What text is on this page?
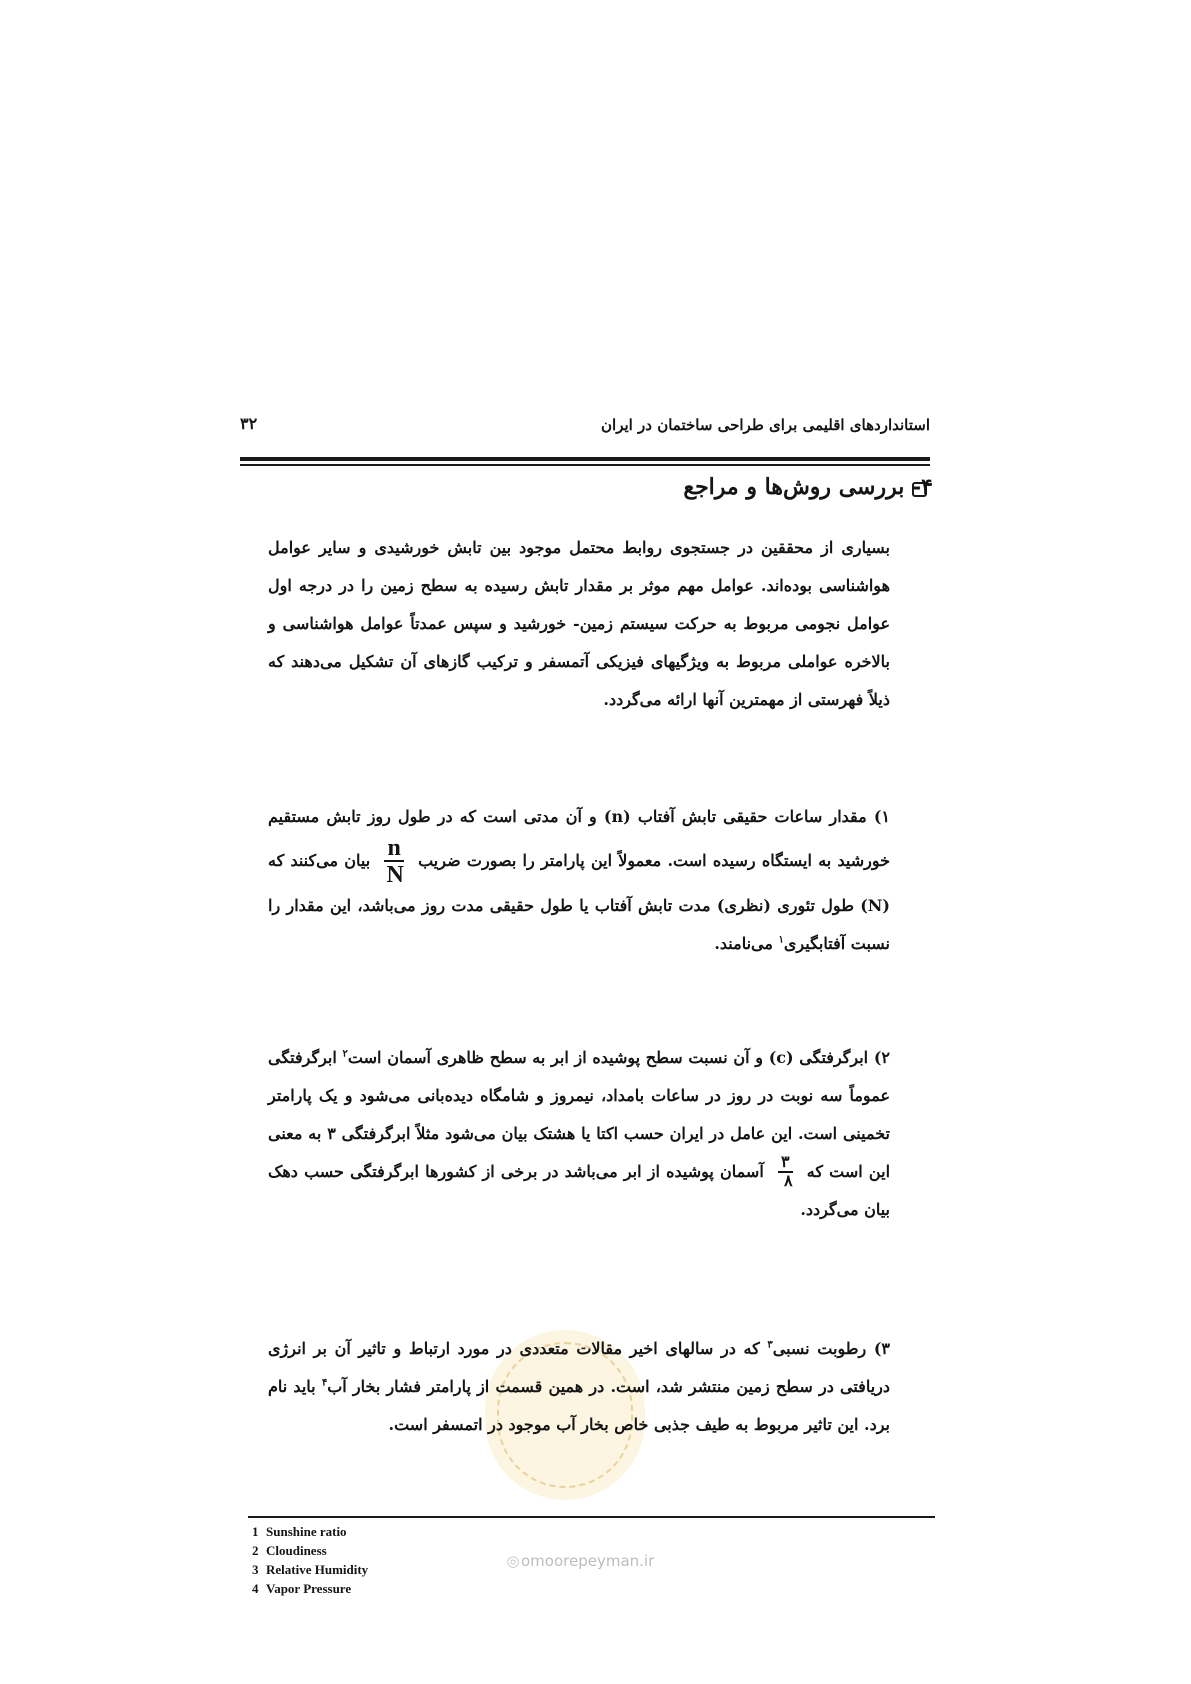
استانداردهای اقلیمی برای طراحی ساختمان در ایران
۳۲
۴- بررسی روش‌ها و مراجع
بسیاری از محققین در جستجوی روابط محتمل موجود بین تابش خورشیدی و سایر عوامل هواشناسی بوده‌اند. عوامل مهم موثر بر مقدار تابش رسیده به سطح زمین را در درجه اول عوامل نجومی مربوط به حرکت سیستم زمین- خورشید و سپس عمدتاً عوامل هواشناسی و بالاخره عواملی مربوط به ویژگیهای فیزیکی آتمسفر و ترکیب گازهای آن تشکیل می‌دهند که ذیلاً فهرستی از مهمترین آنها ارائه می‌گردد.
۱) مقدار ساعات حقیقی تابش آفتاب (n) و آن مدتی است که در طول روز تابش مستقیم خورشید به ایستگاه رسیده است. معمولاً این پارامتر را بصورت ضریب
$\frac{n}{N}$
بیان می‌کنند که (N) طول تئوری (نظری) مدت تابش آفتاب یا طول حقیقی مدت روز می‌باشد، این مقدار را نسبت آفتابگیری$^۱$ می‌نامند.
۲) ابرگرفتگی (c) و آن نسبت سطح پوشیده از ابر به سطح ظاهری آسمان است$^۲$ ابرگرفتگی عموماً سه نوبت در روز در ساعات بامداد، نیمروز و شامگاه دیده‌بانی می‌شود و یک پارامتر تخمینی است. این عامل در ایران حسب اکتا یا هشتک بیان می‌شود مثلاً ابرگرفتگی ۳ به معنی این است که
$\frac{۳}{۸}$
آسمان پوشیده از ابر می‌باشد در برخی از کشورها ابرگرفتگی حسب دهک بیان می‌گردد.
۳) رطوبت نسبی$^۳$ که در سالهای اخیر مقالات متعددی در مورد ارتباط و تاثیر آن بر انرژی دریافتی در سطح زمین منتشر شد، است. در همین قسمت از پارامتر فشار بخار آب$^۴$ باید نام برد. این تاثیر مربوط به طیف جذبی خاص بخار آب موجود در اتمسفر است.
1 Sunshine ratio
2 Cloudiness
3 Relative Humidity
4 Vapor Pressure
◎omoorepeyman.ir
